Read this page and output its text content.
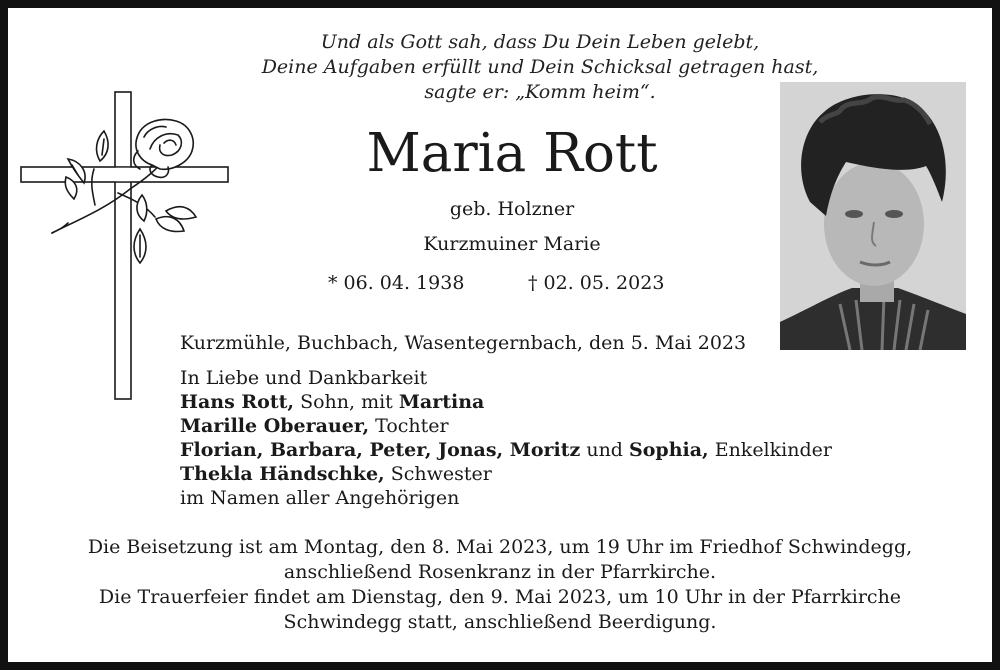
Und als Gott sah, dass Du Dein Leben gelebt,
Deine Aufgaben erfüllt und Dein Schicksal getragen hast,
sagte er: „Komm heim“.
Maria Rott
geb. Holzner
Kurzmuiner Marie
* 06. 04. 1938	† 02. 05. 2023
Kurzmühle, Buchbach, Wasentegernbach, den 5. Mai 2023
In Liebe und Dankbarkeit
Hans Rott, Sohn, mit Martina
Marille Oberauer, Tochter
Florian, Barbara, Peter, Jonas, Moritz und Sophia, Enkelkinder
Thekla Händschke, Schwester
im Namen aller Angehörigen
Die Beisetzung ist am Montag, den 8. Mai 2023, um 19 Uhr im Friedhof Schwindegg,
anschließend Rosenkranz in der Pfarrkirche.
Die Trauerfeier findet am Dienstag, den 9. Mai 2023, um 10 Uhr in der Pfarrkirche
Schwindegg statt, anschließend Beerdigung.
